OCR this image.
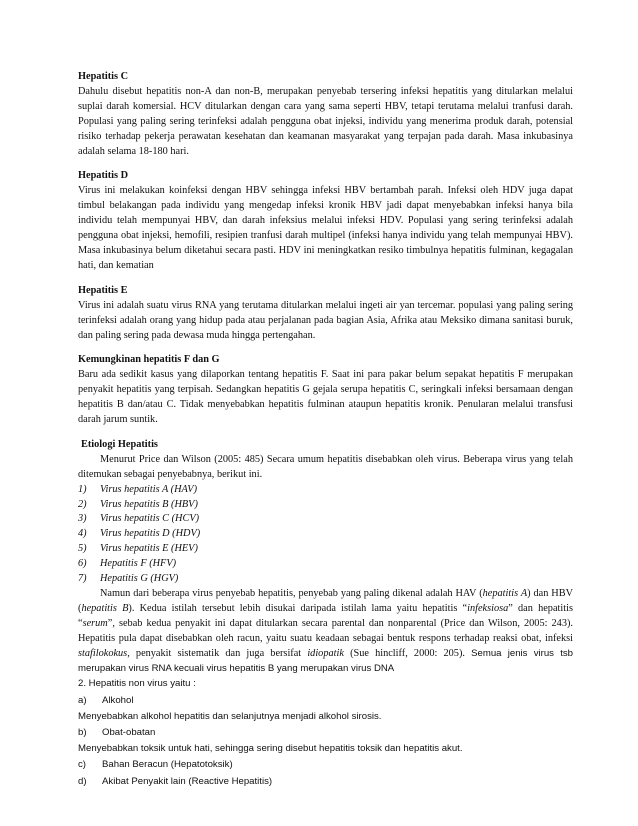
Hepatitis C

Dahulu disebut hepatitis non-A dan non-B, merupakan penyebab tersering infeksi hepatitis yang ditularkan melalui suplai darah komersial. HCV ditularkan dengan cara yang sama seperti HBV, tetapi terutama melalui tranfusi darah. Populasi yang paling sering terinfeksi adalah pengguna obat injeksi, individu yang menerima produk darah, potensial risiko terhadap pekerja perawatan kesehatan dan keamanan masyarakat yang terpajan pada darah. Masa inkubasinya adalah selama 18-180 hari.

Hepatitis D

Virus ini melakukan koinfeksi dengan HBV sehingga infeksi HBV bertambah parah. Infeksi oleh HDV juga dapat timbul belakangan pada individu yang mengedap infeksi kronik HBV jadi dapat menyebabkan infeksi hanya bila individu telah mempunyai HBV, dan darah infeksius melalui infeksi HDV. Populasi yang sering terinfeksi adalah pengguna obat injeksi, hemofili, resipien tranfusi darah multipel (infeksi hanya individu yang telah mempunyai HBV). Masa inkubasinya belum diketahui secara pasti. HDV ini meningkatkan resiko timbulnya hepatitis fulminan, kegagalan hati, dan kematian

Hepatitis E

Virus ini adalah suatu virus RNA yang terutama ditularkan melalui ingeti air yan tercemar. populasi yang paling sering terinfeksi adalah orang yang hidup pada atau perjalanan pada bagian Asia, Afrika atau Meksiko dimana sanitasi buruk, dan paling sering pada dewasa muda hingga pertengahan.

Kemungkinan hepatitis F dan G

Baru ada sedikit kasus yang dilaporkan tentang hepatitis F. Saat ini para pakar belum sepakat hepatitis F merupakan penyakit hepatitis yang terpisah. Sedangkan hepatitis G gejala serupa hepatitis C, seringkali infeksi bersamaan dengan hepatitis B dan/atau C. Tidak menyebabkan hepatitis fulminan ataupun hepatitis kronik. Penularan melalui transfusi darah jarum suntik.

Etiologi Hepatitis

Menurut Price dan Wilson (2005: 485) Secara umum hepatitis disebabkan oleh virus. Beberapa virus yang telah ditemukan sebagai penyebabnya, berikut ini.

1)	Virus hepatitis A (HAV)
2)	Virus hepatitis B (HBV)
3)	Virus hepatitis C (HCV)
4)	Virus hepatitis D (HDV)
5)	Virus hepatitis E (HEV)
6)	Hepatitis F (HFV)
7)	Hepatitis G (HGV)

Namun dari beberapa virus penyebab hepatitis, penyebab yang paling dikenal adalah HAV (hepatitis A) dan HBV (hepatitis B). Kedua istilah tersebut lebih disukai daripada istilah lama yaitu hepatitis “infeksiosa” dan hepatitis “serum”, sebab kedua penyakit ini dapat ditularkan secara parental dan nonparental (Price dan Wilson, 2005: 243). Hepatitis pula dapat disebabkan oleh racun, yaitu suatu keadaan sebagai bentuk respons terhadap reaksi obat, infeksi stafilokokus, penyakit sistematik dan juga bersifat idiopatik (Sue hincliff, 2000: 205). Semua jenis virus tsb merupakan virus RNA kecuali virus hepatitis B yang merupakan virus DNA

2. Hepatitis non virus yaitu :
a)	Alkohol
Menyebabkan alkohol hepatitis dan selanjutnya menjadi alkohol sirosis.
b)	Obat-obatan
Menyebabkan toksik untuk hati, sehingga sering disebut hepatitis toksik dan hepatitis akut.
c)	Bahan Beracun (Hepatotoksik)
d)	Akibat Penyakit lain (Reactive Hepatitis)
